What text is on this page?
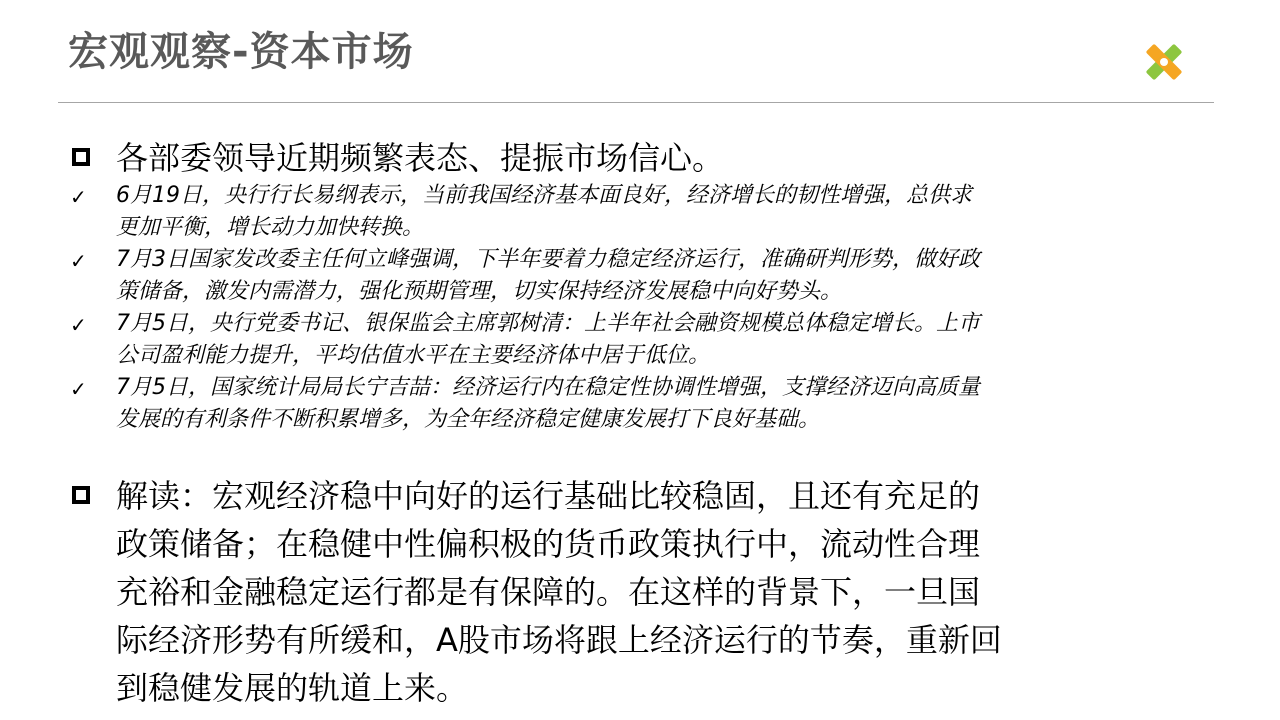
宏观观察-资本市场
各部委领导近期频繁表态、提振市场信心。
✓ 6月19日，央行行长易纲表示，当前我国经济基本面良好，经济增长的韧性增强，总供求
更加平衡，增长动力加快转换。
✓ 7月3日国家发改委主任何立峰强调，下半年要着力稳定经济运行，准确研判形势，做好政
策储备，激发内需潜力，强化预期管理，切实保持经济发展稳中向好势头。
✓ 7月5日，央行党委书记、银保监会主席郭树清：上半年社会融资规模总体稳定增长。上市
公司盈利能力提升，平均估值水平在主要经济体中居于低位。
✓ 7月5日，国家统计局局长宁吉喆：经济运行内在稳定性协调性增强，支撑经济迈向高质量
发展的有利条件不断积累增多，为全年经济稳定健康发展打下良好基础。
解读：宏观经济稳中向好的运行基础比较稳固，且还有充足的
政策储备；在稳健中性偏积极的货币政策执行中，流动性合理
充裕和金融稳定运行都是有保障的。在这样的背景下，一旦国
际经济形势有所缓和，A股市场将跟上经济运行的节奏，重新回
到稳健发展的轨道上来。
